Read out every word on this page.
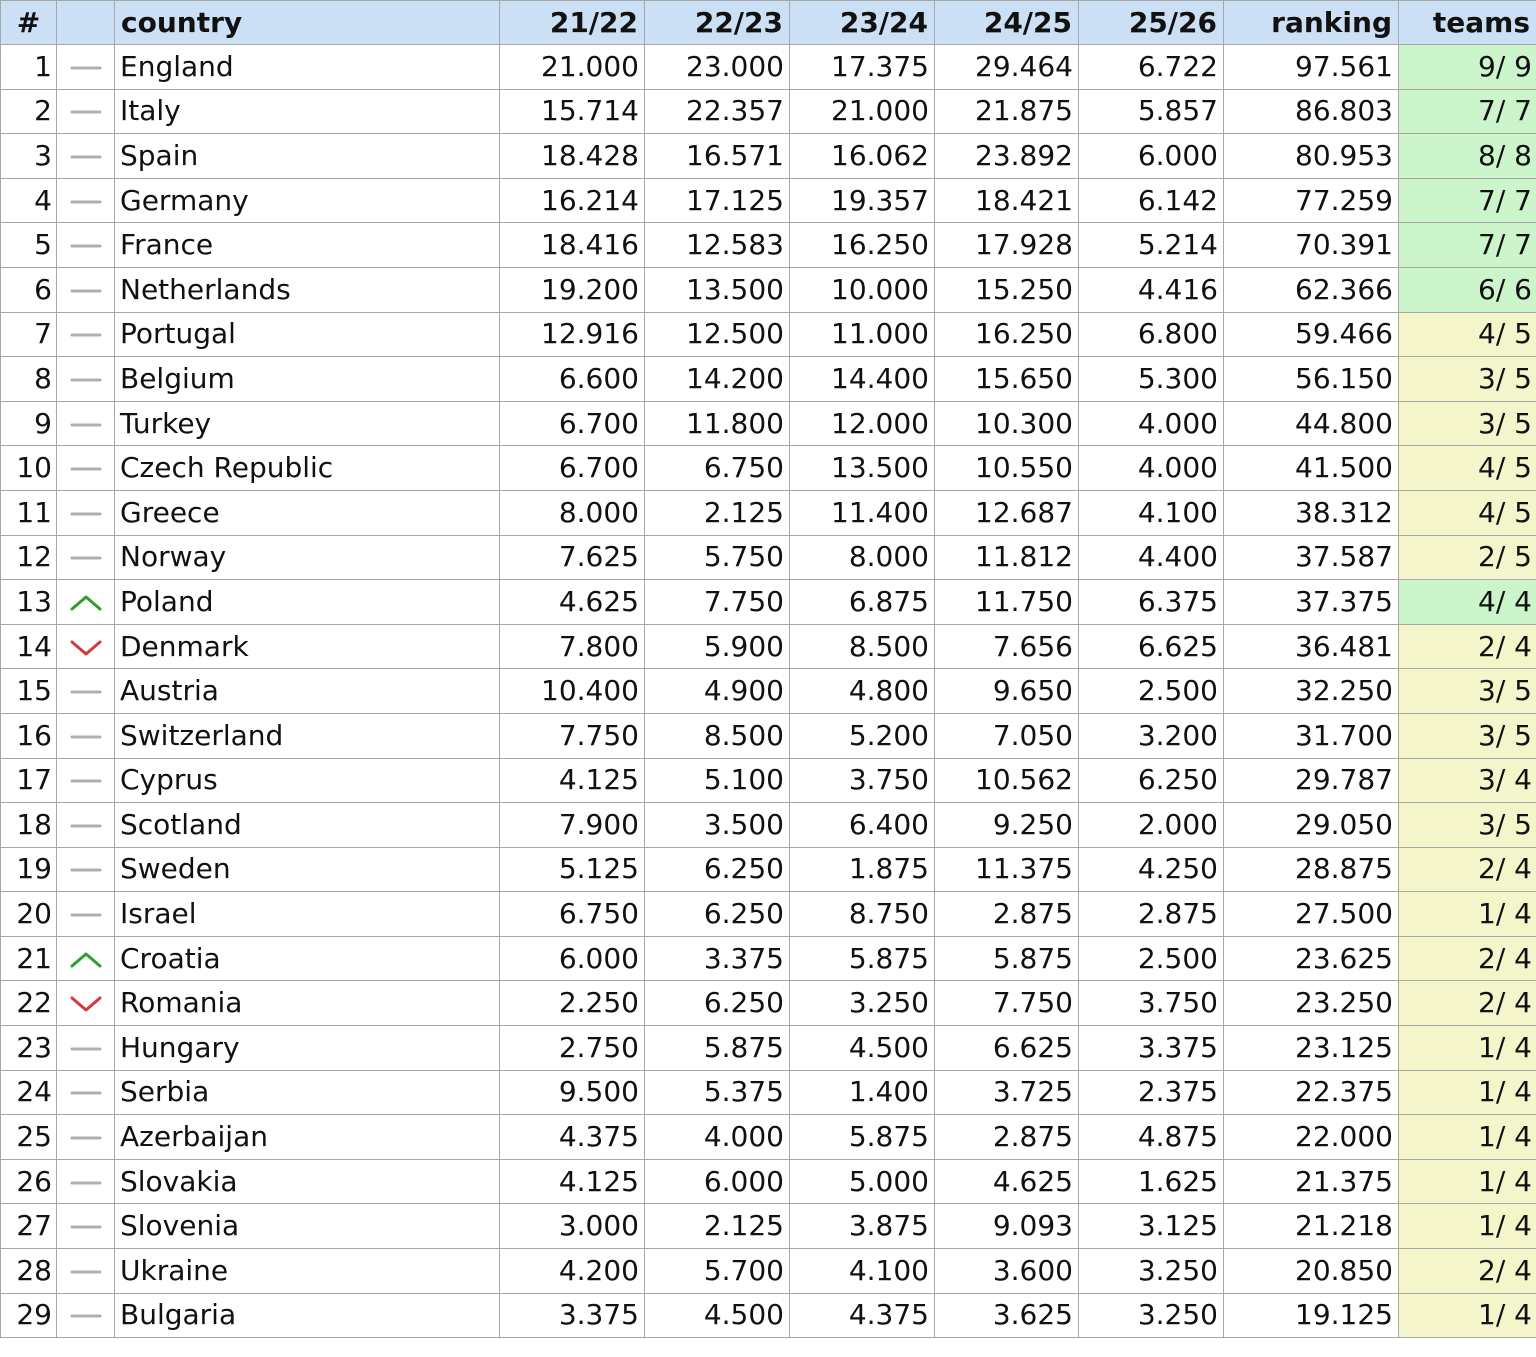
#		country	21/22	22/23	23/24	24/25	25/26	ranking	teams
1		England	21.000	23.000	17.375	29.464	6.722	97.561	9/ 9
2		Italy	15.714	22.357	21.000	21.875	5.857	86.803	7/ 7
3		Spain	18.428	16.571	16.062	23.892	6.000	80.953	8/ 8
4		Germany	16.214	17.125	19.357	18.421	6.142	77.259	7/ 7
5		France	18.416	12.583	16.250	17.928	5.214	70.391	7/ 7
6		Netherlands	19.200	13.500	10.000	15.250	4.416	62.366	6/ 6
7		Portugal	12.916	12.500	11.000	16.250	6.800	59.466	4/ 5
8		Belgium	6.600	14.200	14.400	15.650	5.300	56.150	3/ 5
9		Turkey	6.700	11.800	12.000	10.300	4.000	44.800	3/ 5
10		Czech Republic	6.700	6.750	13.500	10.550	4.000	41.500	4/ 5
11		Greece	8.000	2.125	11.400	12.687	4.100	38.312	4/ 5
12		Norway	7.625	5.750	8.000	11.812	4.400	37.587	2/ 5
13		Poland	4.625	7.750	6.875	11.750	6.375	37.375	4/ 4
14		Denmark	7.800	5.900	8.500	7.656	6.625	36.481	2/ 4
15		Austria	10.400	4.900	4.800	9.650	2.500	32.250	3/ 5
16		Switzerland	7.750	8.500	5.200	7.050	3.200	31.700	3/ 5
17		Cyprus	4.125	5.100	3.750	10.562	6.250	29.787	3/ 4
18		Scotland	7.900	3.500	6.400	9.250	2.000	29.050	3/ 5
19		Sweden	5.125	6.250	1.875	11.375	4.250	28.875	2/ 4
20		Israel	6.750	6.250	8.750	2.875	2.875	27.500	1/ 4
21		Croatia	6.000	3.375	5.875	5.875	2.500	23.625	2/ 4
22		Romania	2.250	6.250	3.250	7.750	3.750	23.250	2/ 4
23		Hungary	2.750	5.875	4.500	6.625	3.375	23.125	1/ 4
24		Serbia	9.500	5.375	1.400	3.725	2.375	22.375	1/ 4
25		Azerbaijan	4.375	4.000	5.875	2.875	4.875	22.000	1/ 4
26		Slovakia	4.125	6.000	5.000	4.625	1.625	21.375	1/ 4
27		Slovenia	3.000	2.125	3.875	9.093	3.125	21.218	1/ 4
28		Ukraine	4.200	5.700	4.100	3.600	3.250	20.850	2/ 4
29		Bulgaria	3.375	4.500	4.375	3.625	3.250	19.125	1/ 4
